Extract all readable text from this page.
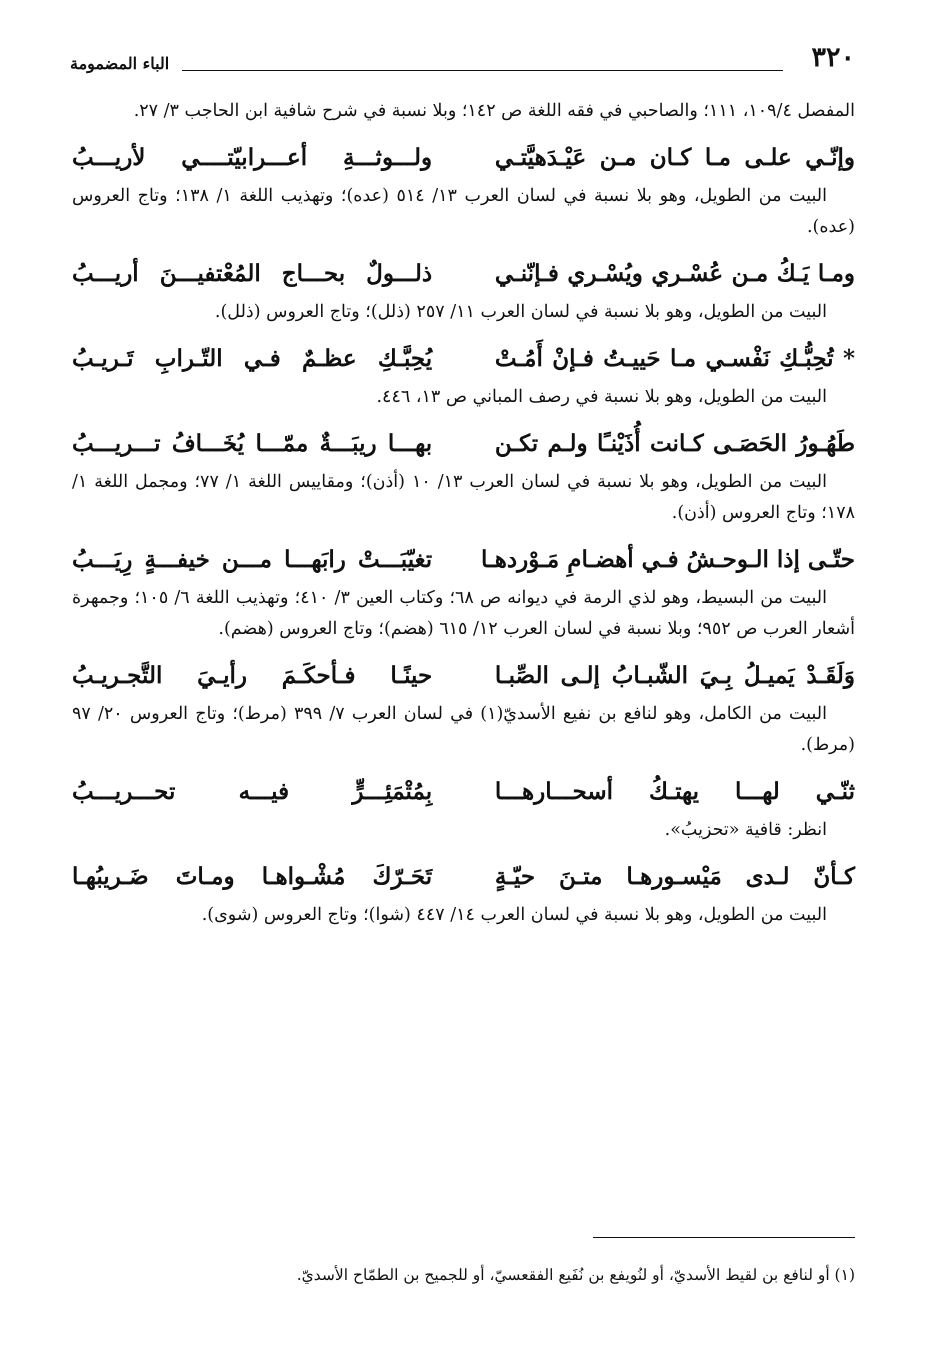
٣٢٠
الباء المضمومة

المفصل ١٠٩/٤، ١١١؛ والصاحبي في فقه اللغة ص ١٤٢؛ وبلا نسبة في شرح شافية ابن الحاجب ٣/ ٢٧.

وإنّـي علـى مـا كـان مـن عَيْـدَهيَّتـي
ولـــوثـــةِ أعـــرابيّتــــي لأريـــبُ

البيت من الطويل، وهو بلا نسبة في لسان العرب ١٣/ ٥١٤ (عده)؛ وتهذيب اللغة ١/ ١٣٨؛ وتاج العروس (عده).

ومـا يَـكُ مـن عُسْـري ويُسْـري فـإنّنـي
ذلـــولٌ بحـــاج المُعْتفيـــنَ أريـــبُ

البيت من الطويل، وهو بلا نسبة في لسان العرب ١١/ ٢٥٧ (ذلل)؛ وتاج العروس (ذلل).

* تُحِبُّـكِ نَفْسـي مـا حَييـتُ فـإنْ أَمُـتْ
يُحِبَّـكِ عظـمٌ فـي التّـرابِ تَـريـبُ

البيت من الطويل، وهو بلا نسبة في رصف المباني ص ١٣، ٤٤٦.

طَهُـورُ الحَصَـى كـانت أُذَيْنـًا ولـم تكـن
بهـــا ريبَـــةٌ ممّـــا يُخَـــافُ تـــريـــبُ

البيت من الطويل، وهو بلا نسبة في لسان العرب ١٣/ ١٠ (أذن)؛ ومقاييس اللغة ١/ ٧٧؛ ومجمل اللغة ١/ ١٧٨؛ وتاج العروس (أذن).

حتّـى إذا الـوحـشُ فـي أهضـامِ مَـوْردهـا
تغيّبَـــتْ رابَهـــا مـــن خيفـــةٍ رِيَـــبُ

البيت من البسيط، وهو لذي الرمة في ديوانه ص ٦٨؛ وكتاب العين ٣/ ٤١٠؛ وتهذيب اللغة ٦/ ١٠٥؛ وجمهرة أشعار العرب ص ٩٥٢؛ وبلا نسبة في لسان العرب ١٢/ ٦١٥ (هضم)؛ وتاج العروس (هضم).

وَلَقَـدْ يَميـلُ بِـيَ الشّبـابُ إلـى الصِّبـا
حينًـا فـأحكَـمَ رأيـيَ التَّجـريـبُ

البيت من الكامل، وهو لنافع بن نفيع الأسديّ(١) في لسان العرب ٧/ ٣٩٩ (مرط)؛ وتاج العروس ٢٠/ ٩٧ (مرط).

ثنّـي لهـــا يهتـكُ أسحـــارهـــا
بِمُتْمَئِـــرٍّ فيـــه تحـــريـــبُ

انظر: قافية «تحزيبُ».

كـأنّ لـدى مَيْسـورهـا متـنَ حيّـةٍ
تَحَـرّكَ مُشْـواهـا ومـاتَ ضَـريبُهـا

البيت من الطويل، وهو بلا نسبة في لسان العرب ١٤/ ٤٤٧ (شوا)؛ وتاج العروس (شوى).

(١) أو لنافع بن لقيط الأسديّ، أو لنُويفع بن نُفَيع الفقعسيّ، أو للجميح بن الطمّاح الأسديّ.
